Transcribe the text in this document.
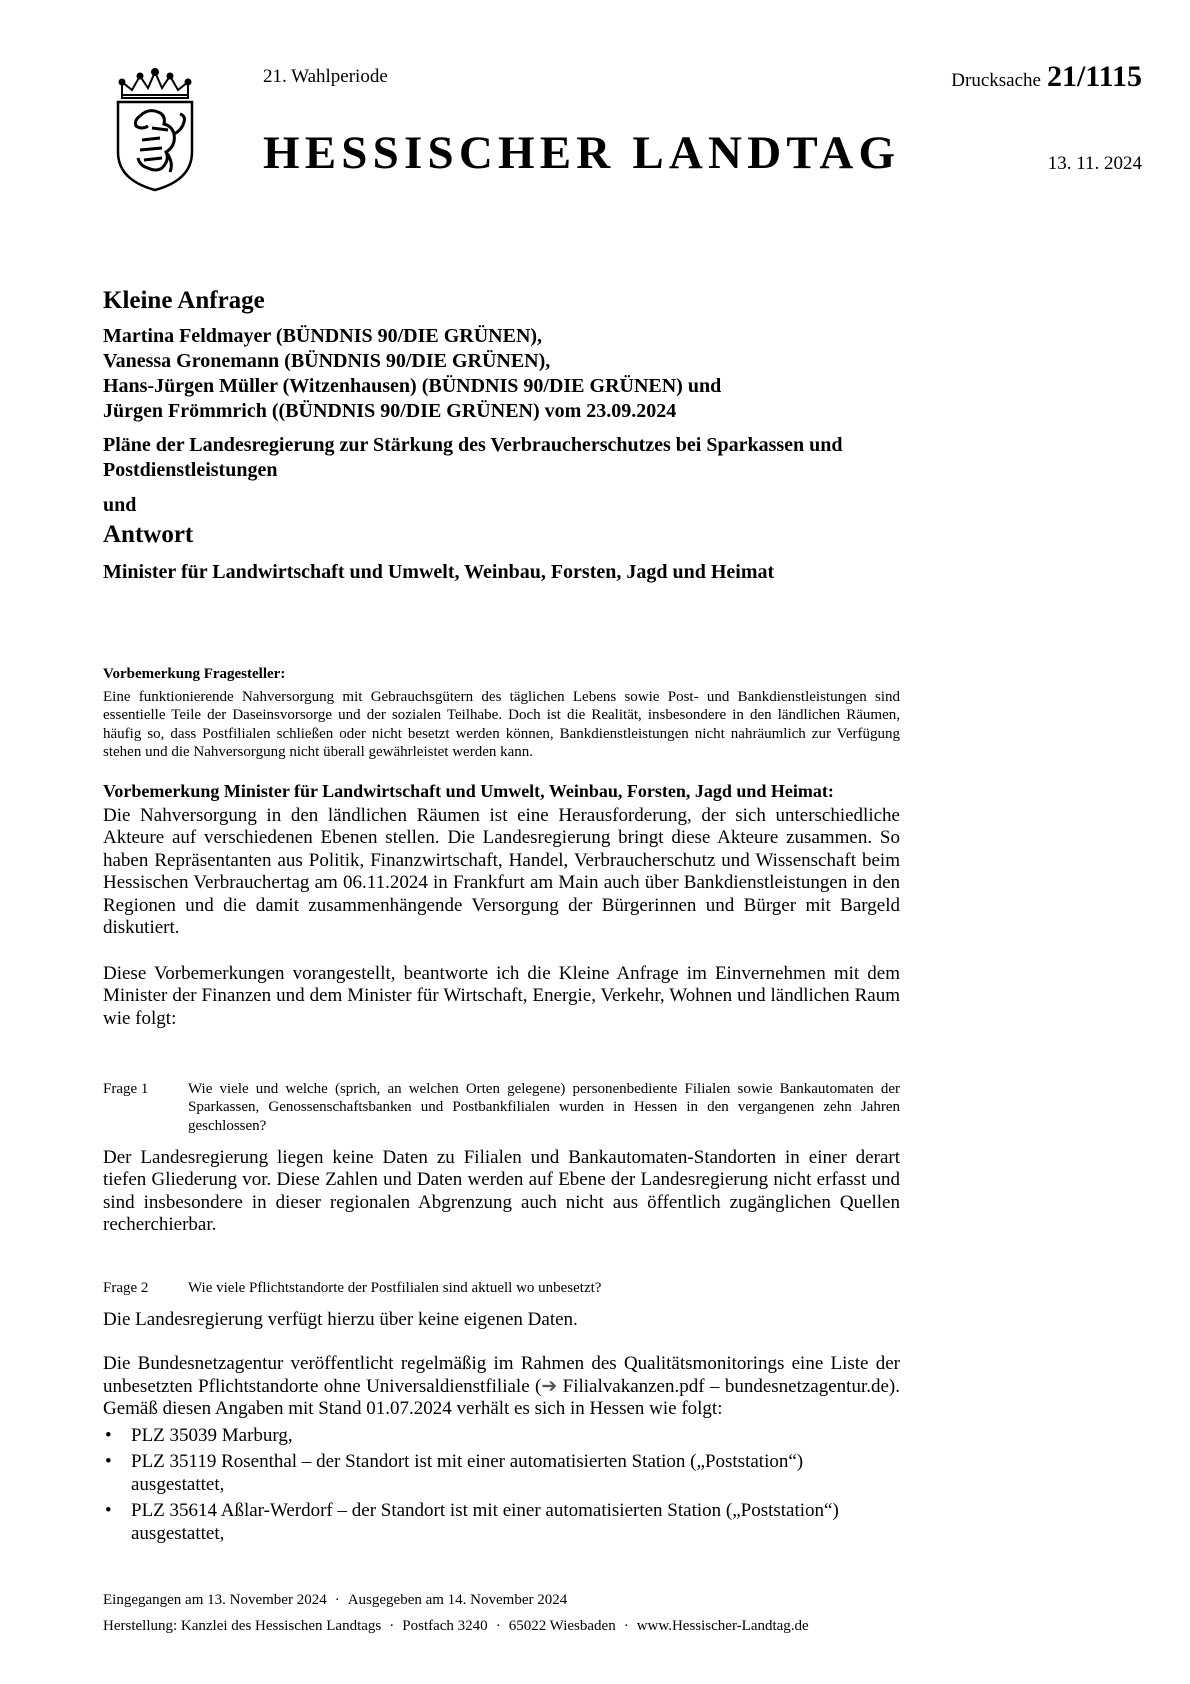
21. Wahlperiode
HESSISCHER LANDTAG
Drucksache 21/1115
13. 11. 2024
Kleine Anfrage
Martina Feldmayer (BÜNDNIS 90/DIE GRÜNEN),
Vanessa Gronemann (BÜNDNIS 90/DIE GRÜNEN),
Hans-Jürgen Müller (Witzenhausen) (BÜNDNIS 90/DIE GRÜNEN) und
Jürgen Frömmrich ((BÜNDNIS 90/DIE GRÜNEN) vom 23.09.2024
Pläne der Landesregierung zur Stärkung des Verbraucherschutzes bei Sparkassen und Postdienstleistungen
und
Antwort
Minister für Landwirtschaft und Umwelt, Weinbau, Forsten, Jagd und Heimat
Vorbemerkung Fragesteller:

Eine funktionierende Nahversorgung mit Gebrauchsgütern des täglichen Lebens sowie Post- und Bankdienstleistungen sind essentielle Teile der Daseinsvorsorge und der sozialen Teilhabe. Doch ist die Realität, insbesondere in den ländlichen Räumen, häufig so, dass Postfilialen schließen oder nicht besetzt werden können, Bankdienstleistungen nicht nahräumlich zur Verfügung stehen und die Nahversorgung nicht überall gewährleistet werden kann.

Vorbemerkung Minister für Landwirtschaft und Umwelt, Weinbau, Forsten, Jagd und Heimat:

Die Nahversorgung in den ländlichen Räumen ist eine Herausforderung, der sich unterschiedliche Akteure auf verschiedenen Ebenen stellen. Die Landesregierung bringt diese Akteure zusammen. So haben Repräsentanten aus Politik, Finanzwirtschaft, Handel, Verbraucherschutz und Wissenschaft beim Hessischen Verbrauchertag am 06.11.2024 in Frankfurt am Main auch über Bankdienstleistungen in den Regionen und die damit zusammenhängende Versorgung der Bürgerinnen und Bürger mit Bargeld diskutiert.

Diese Vorbemerkungen vorangestellt, beantworte ich die Kleine Anfrage im Einvernehmen mit dem Minister der Finanzen und dem Minister für Wirtschaft, Energie, Verkehr, Wohnen und ländlichen Raum wie folgt:

Frage 1	Wie viele und welche (sprich, an welchen Orten gelegene) personenbediente Filialen sowie Bankautomaten der Sparkassen, Genossenschaftsbanken und Postbankfilialen wurden in Hessen in den vergangenen zehn Jahren geschlossen?

Der Landesregierung liegen keine Daten zu Filialen und Bankautomaten-Standorten in einer derart tiefen Gliederung vor. Diese Zahlen und Daten werden auf Ebene der Landesregierung nicht erfasst und sind insbesondere in dieser regionalen Abgrenzung auch nicht aus öffentlich zugänglichen Quellen recherchierbar.

Frage 2	Wie viele Pflichtstandorte der Postfilialen sind aktuell wo unbesetzt?

Die Landesregierung verfügt hierzu über keine eigenen Daten.

Die Bundesnetzagentur veröffentlicht regelmäßig im Rahmen des Qualitätsmonitorings eine Liste der unbesetzten Pflichtstandorte ohne Universaldienstfiliale (➔ Filialvakanzen.pdf – bundesnetzagentur.de). Gemäß diesen Angaben mit Stand 01.07.2024 verhält es sich in Hessen wie folgt:

• PLZ 35039 Marburg,
• PLZ 35119 Rosenthal – der Standort ist mit einer automatisierten Station („Poststation“) ausgestattet,
• PLZ 35614 Aßlar-Werdorf – der Standort ist mit einer automatisierten Station („Poststation“) ausgestattet,
Eingegangen am 13. November 2024 · Ausgegeben am 14. November 2024
Herstellung: Kanzlei des Hessischen Landtags · Postfach 3240 · 65022 Wiesbaden · www.Hessischer-Landtag.de
